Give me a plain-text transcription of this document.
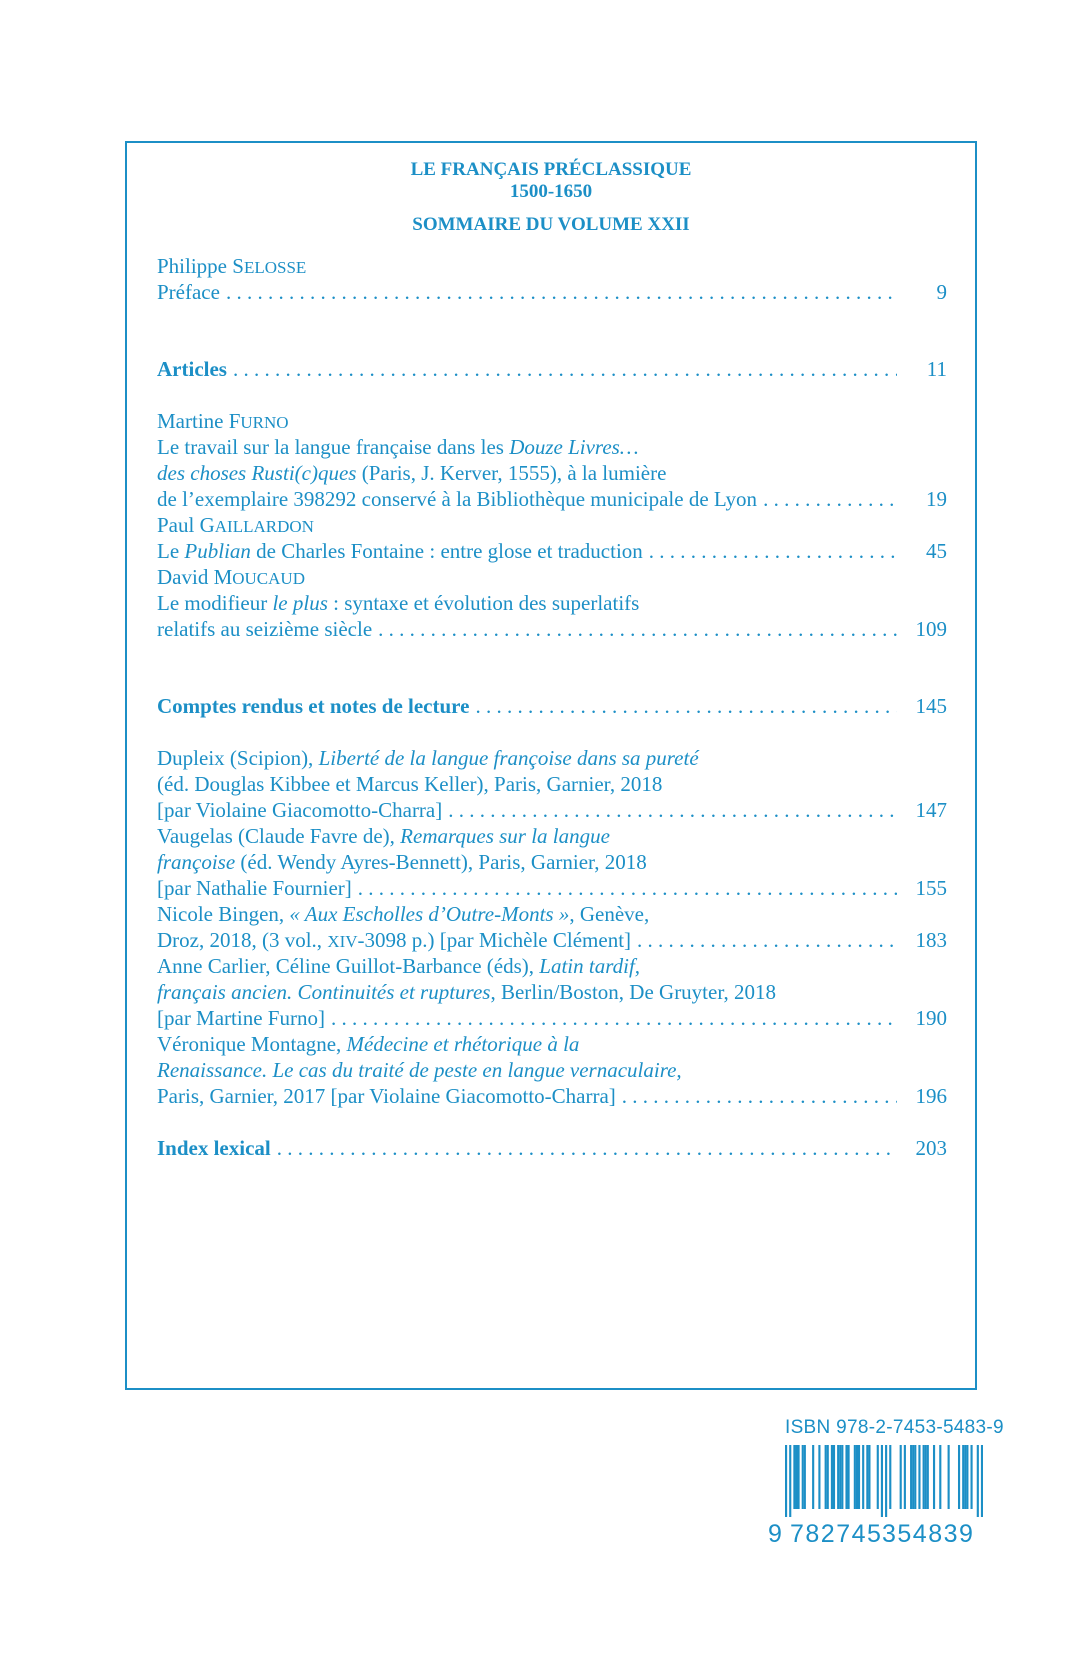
LE FRANÇAIS PRÉCLASSIQUE
1500-1650
SOMMAIRE DU VOLUME XXII
Philippe SELOSSE
Préface . . .	9
Articles . . .	11
Martine FURNO
Le travail sur la langue française dans les Douze Livres…
des choses Rusti(c)ques (Paris, J. Kerver, 1555), à la lumière
de l’exemplaire 398292 conservé à la Bibliothèque municipale de Lyon . . .	19
Paul GAILLARDON
Le Publian de Charles Fontaine : entre glose et traduction . . .	45
David MOUCAUD
Le modifieur le plus : syntaxe et évolution des superlatifs
relatifs au seizième siècle . . .	109
Comptes rendus et notes de lecture . . .	145
Dupleix (Scipion), Liberté de la langue françoise dans sa pureté
(éd. Douglas Kibbee et Marcus Keller), Paris, Garnier, 2018
[par Violaine Giacomotto-Charra] . . .	147
Vaugelas (Claude Favre de), Remarques sur la langue
françoise (éd. Wendy Ayres-Bennett), Paris, Garnier, 2018
[par Nathalie Fournier] . . .	155
Nicole Bingen, « Aux Escholles d’Outre-Monts », Genève,
Droz, 2018, (3 vol., XIV-3098 p.) [par Michèle Clément] . . .	183
Anne Carlier, Céline Guillot-Barbance (éds), Latin tardif,
français ancien. Continuités et ruptures, Berlin/Boston, De Gruyter, 2018
[par Martine Furno] . . .	190
Véronique Montagne, Médecine et rhétorique à la
Renaissance. Le cas du traité de peste en langue vernaculaire,
Paris, Garnier, 2017 [par Violaine Giacomotto-Charra] . . .	196
Index lexical . . .	203
ISBN 978-2-7453-5483-9
9 782745 354839
